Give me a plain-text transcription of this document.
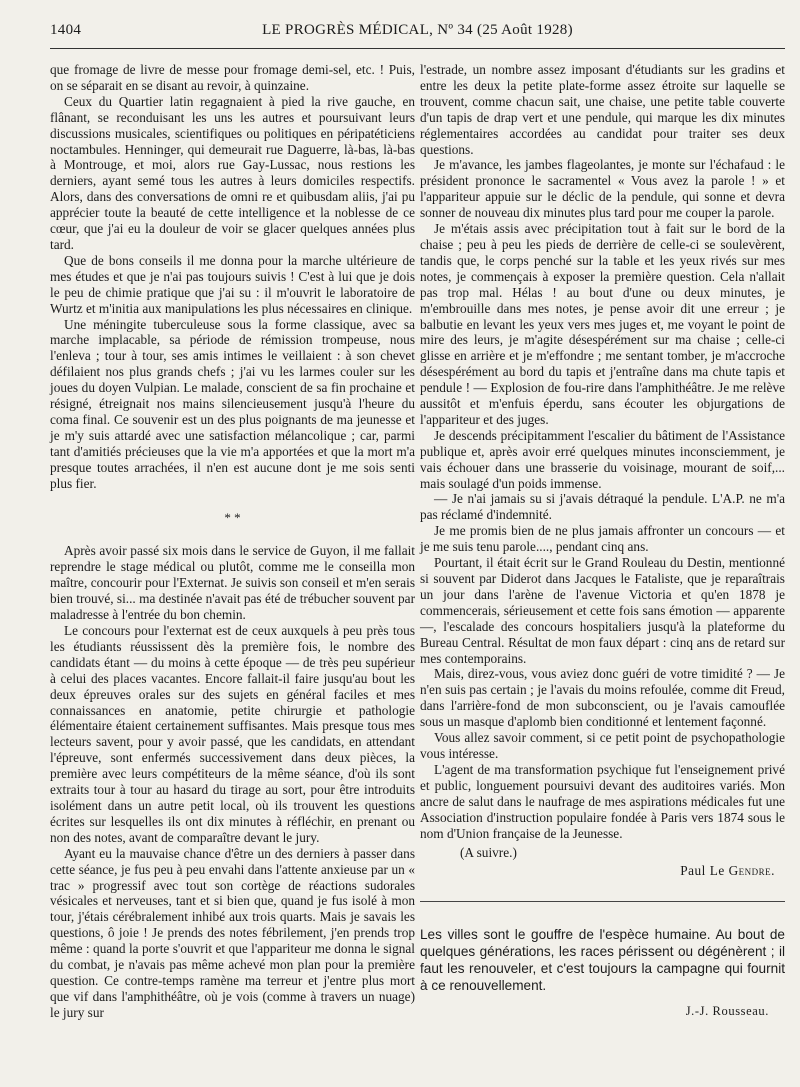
1404	LE PROGRÈS MÉDICAL, Nº 34 (25 Août 1928)

que fromage de livre de messe pour fromage demi-sel, etc. ! Puis, on se séparait en se disant au revoir, à quinzaine.

Ceux du Quartier latin regagnaient à pied la rive gauche, en flânant, se reconduisant les uns les autres et poursuivant leurs discussions musicales, scientifiques ou politiques en péripatéticiens noctambules. Henninger, qui demeurait rue Daguerre, là-bas, là-bas à Montrouge, et moi, alors rue Gay-Lussac, nous restions les derniers, ayant semé tous les autres à leurs domiciles respectifs. Alors, dans des conversations de omni re et quibusdam aliis, j'ai pu apprécier toute la beauté de cette intelligence et la noblesse de ce cœur, que j'ai eu la douleur de voir se glacer quelques années plus tard.

Que de bons conseils il me donna pour la marche ultérieure de mes études et que je n'ai pas toujours suivis ! C'est à lui que je dois le peu de chimie pratique que j'ai su : il m'ouvrit le laboratoire de Wurtz et m'initia aux manipulations les plus nécessaires en clinique.

Une méningite tuberculeuse sous la forme classique, avec sa marche implacable, sa période de rémission trompeuse, nous l'enleva ; tour à tour, ses amis intimes le veillaient : à son chevet défilaient nos plus grands chefs ; j'ai vu les larmes couler sur les joues du doyen Vulpian. Le malade, conscient de sa fin prochaine et résigné, étreignait nos mains silencieusement jusqu'à l'heure du coma final. Ce souvenir est un des plus poignants de ma jeunesse et je m'y suis attardé avec une satisfaction mélancolique ; car, parmi tant d'amitiés précieuses que la vie m'a apportées et que la mort m'a presque toutes arrachées, il n'en est aucune dont je me sois senti plus fier.

* *

Après avoir passé six mois dans le service de Guyon, il me fallait reprendre le stage médical ou plutôt, comme me le conseilla mon maître, concourir pour l'Externat. Je suivis son conseil et m'en serais bien trouvé, si... ma destinée n'avait pas été de trébucher souvent par maladresse à l'entrée du bon chemin.

Le concours pour l'externat est de ceux auxquels à peu près tous les étudiants réussissent dès la première fois, le nombre des candidats étant — du moins à cette époque — de très peu supérieur à celui des places vacantes. Encore fallait-il faire jusqu'au bout les deux épreuves orales sur des sujets en général faciles et mes connaissances en anatomie, petite chirurgie et pathologie élémentaire étaient certainement suffisantes. Mais presque tous mes lecteurs savent, pour y avoir passé, que les candidats, en attendant l'épreuve, sont enfermés successivement dans deux pièces, la première avec leurs compétiteurs de la même séance, d'où ils sont extraits tour à tour au hasard du tirage au sort, pour être introduits isolément dans un autre petit local, où ils trouvent les questions écrites sur lesquelles ils ont dix minutes à réfléchir, en prenant ou non des notes, avant de comparaître devant le jury.

Ayant eu la mauvaise chance d'être un des derniers à passer dans cette séance, je fus peu à peu envahi dans l'attente anxieuse par un « trac » progressif avec tout son cortège de réactions sudorales vésicales et nerveuses, tant et si bien que, quand je fus isolé à mon tour, j'étais cérébralement inhibé aux trois quarts. Mais je savais les questions, ô joie ! Je prends des notes fébrilement, j'en prends trop même : quand la porte s'ouvrit et que l'appariteur me donna le signal du combat, je n'avais pas même achevé mon plan pour la première question. Ce contre-temps ramène ma terreur et j'entre plus mort que vif dans l'amphithéâtre, où je vois (comme à travers un nuage) le jury sur

l'estrade, un nombre assez imposant d'étudiants sur les gradins et entre les deux la petite plate-forme assez étroite sur laquelle se trouvent, comme chacun sait, une chaise, une petite table couverte d'un tapis de drap vert et une pendule, qui marque les dix minutes réglementaires accordées au candidat pour traiter ses deux questions.

Je m'avance, les jambes flageolantes, je monte sur l'échafaud : le président prononce le sacramentel « Vous avez la parole ! » et l'appariteur appuie sur le déclic de la pendule, qui sonne et devra sonner de nouveau dix minutes plus tard pour me couper la parole.

Je m'étais assis avec précipitation tout à fait sur le bord de la chaise ; peu à peu les pieds de derrière de celle-ci se soulevèrent, tandis que, le corps penché sur la table et les yeux rivés sur mes notes, je commençais à exposer la première question. Cela n'allait pas trop mal. Hélas ! au bout d'une ou deux minutes, je m'embrouille dans mes notes, je pense avoir dit une erreur ; je balbutie en levant les yeux vers mes juges et, me voyant le point de mire des leurs, je m'agite désespérément sur ma chaise ; celle-ci glisse en arrière et je m'effondre ; me sentant tomber, je m'accroche désespérément au bord du tapis et j'entraîne dans ma chute tapis et pendule ! — Explosion de fou-rire dans l'amphithéâtre. Je me relève aussitôt et m'enfuis éperdu, sans écouter les objurgations de l'appariteur et des juges.

Je descends précipitamment l'escalier du bâtiment de l'Assistance publique et, après avoir erré quelques minutes inconsciemment, je vais échouer dans une brasserie du voisinage, mourant de soif,... mais soulagé d'un poids immense.

— Je n'ai jamais su si j'avais détraqué la pendule. L'A.P. ne m'a pas réclamé d'indemnité.

Je me promis bien de ne plus jamais affronter un concours — et je me suis tenu parole...., pendant cinq ans.

Pourtant, il était écrit sur le Grand Rouleau du Destin, mentionné si souvent par Diderot dans Jacques le Fataliste, que je reparaîtrais un jour dans l'arène de l'avenue Victoria et qu'en 1878 je commencerais, sérieusement et cette fois sans émotion — apparente —, l'escalade des concours hospitaliers jusqu'à la plateforme du Bureau Central. Résultat de mon faux départ : cinq ans de retard sur mes contemporains.

Mais, direz-vous, vous aviez donc guéri de votre timidité ? — Je n'en suis pas certain ; je l'avais du moins refoulée, comme dit Freud, dans l'arrière-fond de mon subconscient, ou je l'avais camouflée sous un masque d'aplomb bien conditionné et lentement façonné.

Vous allez savoir comment, si ce petit point de psychopathologie vous intéresse.

L'agent de ma transformation psychique fut l'enseignement privé et public, longuement poursuivi devant des auditoires variés. Mon ancre de salut dans le naufrage de mes aspirations médicales fut une Association d'instruction populaire fondée à Paris vers 1874 sous le nom d'Union française de la Jeunesse.

(A suivre.)

Paul Le Gendre.

Les villes sont le gouffre de l'espèce humaine. Au bout de quelques générations, les races périssent ou dégénèrent ; il faut les renouveler, et c'est toujours la campagne qui fournit à ce renouvellement.

J.-J. Rousseau.
